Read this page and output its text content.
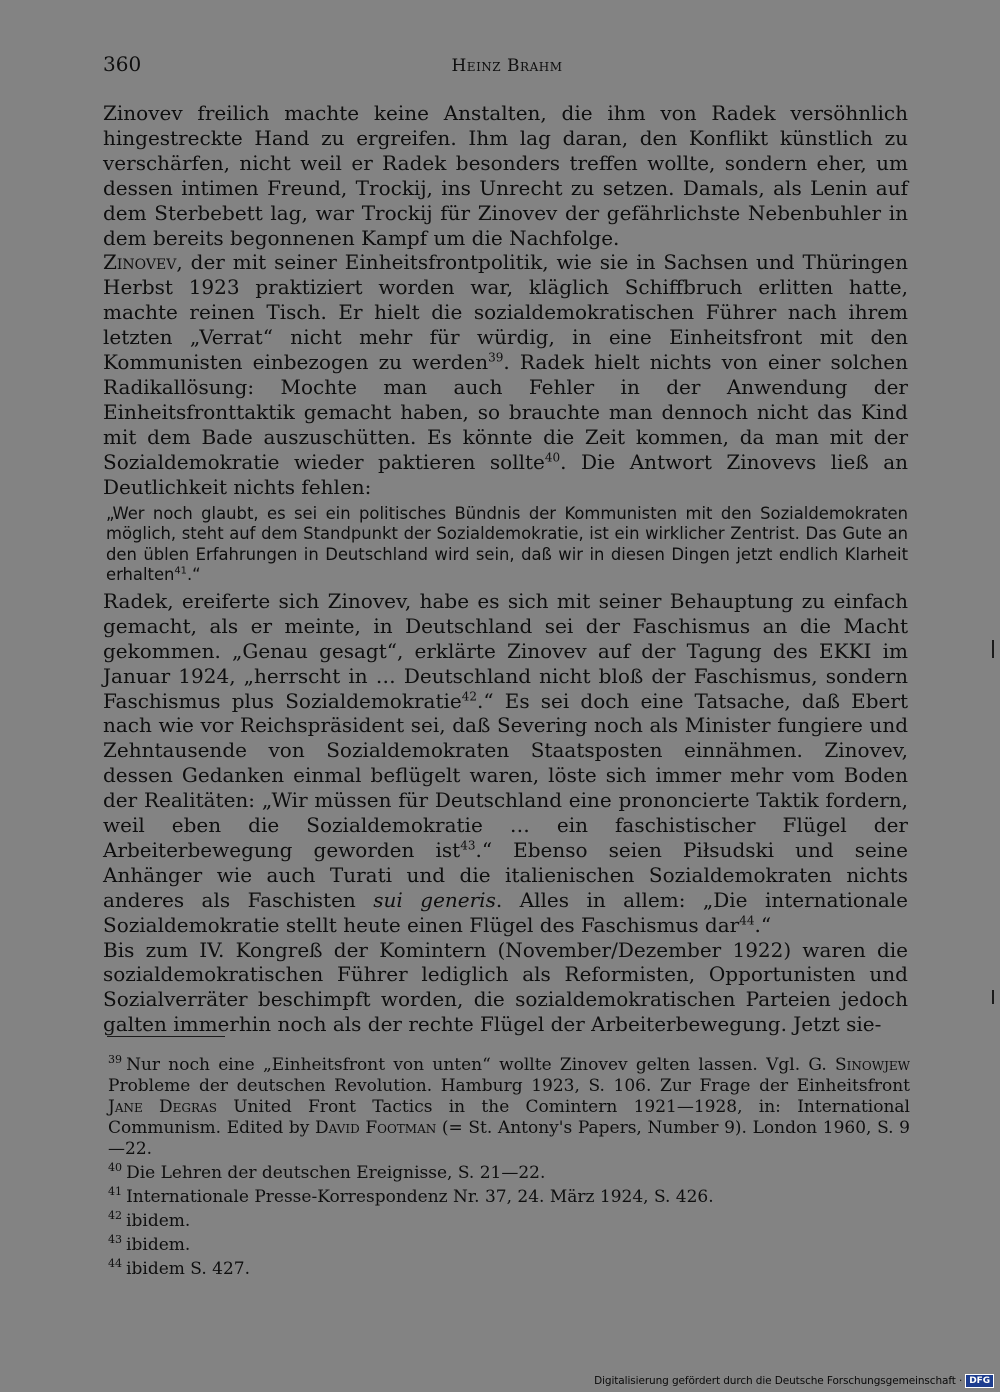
360	Heinz Brahm

Zinovev freilich machte keine Anstalten, die ihm von Radek versöhnlich hingestreckte Hand zu ergreifen. Ihm lag daran, den Konflikt künstlich zu verschärfen, nicht weil er Radek besonders treffen wollte, sondern eher, um dessen intimen Freund, Trockij, ins Unrecht zu setzen. Damals, als Lenin auf dem Sterbebett lag, war Trockij für Zinovev der gefährlichste Nebenbuhler in dem bereits begonnenen Kampf um die Nachfolge.

Zinovev, der mit seiner Einheitsfrontpolitik, wie sie in Sachsen und Thüringen Herbst 1923 praktiziert worden war, kläglich Schiffbruch erlitten hatte, machte reinen Tisch. Er hielt die sozialdemokratischen Führer nach ihrem letzten „Verrat“ nicht mehr für würdig, in eine Einheitsfront mit den Kommunisten einbezogen zu werden$^{39}$. Radek hielt nichts von einer solchen Radikallösung: Mochte man auch Fehler in der Anwendung der Einheitsfronttaktik gemacht haben, so brauchte man dennoch nicht das Kind mit dem Bade auszuschütten. Es könnte die Zeit kommen, da man mit der Sozialdemokratie wieder paktieren sollte$^{40}$. Die Antwort Zinovevs ließ an Deutlichkeit nichts fehlen:

„Wer noch glaubt, es sei ein politisches Bündnis der Kommunisten mit den Sozialdemokraten möglich, steht auf dem Standpunkt der Sozialdemokratie, ist ein wirklicher Zentrist. Das Gute an den üblen Erfahrungen in Deutschland wird sein, daß wir in diesen Dingen jetzt endlich Klarheit erhalten$^{41}$.“

Radek, ereiferte sich Zinovev, habe es sich mit seiner Behauptung zu einfach gemacht, als er meinte, in Deutschland sei der Faschismus an die Macht gekommen. „Genau gesagt“, erklärte Zinovev auf der Tagung des EKKI im Januar 1924, „herrscht in … Deutschland nicht bloß der Faschismus, sondern Faschismus plus Sozialdemokratie$^{42}$.“ Es sei doch eine Tatsache, daß Ebert nach wie vor Reichspräsident sei, daß Severing noch als Minister fungiere und Zehntausende von Sozialdemokraten Staatsposten einnähmen. Zinovev, dessen Gedanken einmal beflügelt waren, löste sich immer mehr vom Boden der Realitäten: „Wir müssen für Deutschland eine prononcierte Taktik fordern, weil eben die Sozialdemokratie … ein faschistischer Flügel der Arbeiterbewegung geworden ist$^{43}$.“ Ebenso seien Piłsudski und seine Anhänger wie auch Turati und die italienischen Sozialdemokraten nichts anderes als Faschisten sui generis. Alles in allem: „Die internationale Sozialdemokratie stellt heute einen Flügel des Faschismus dar$^{44}$.“

Bis zum IV. Kongreß der Komintern (November/Dezember 1922) waren die sozialdemokratischen Führer lediglich als Reformisten, Opportunisten und Sozialverräter beschimpft worden, die sozialdemokratischen Parteien jedoch galten immerhin noch als der rechte Flügel der Arbeiterbewegung. Jetzt sie-

$^{39}$ Nur noch eine „Einheitsfront von unten“ wollte Zinovev gelten lassen. Vgl. G. Sinowjew Probleme der deutschen Revolution. Hamburg 1923, S. 106. Zur Frage der Einheitsfront Jane Degras United Front Tactics in the Comintern 1921—1928, in: International Communism. Edited by David Footman (= St. Antony's Papers, Number 9). London 1960, S. 9—22.
$^{40}$ Die Lehren der deutschen Ereignisse, S. 21—22.
$^{41}$ Internationale Presse-Korrespondenz Nr. 37, 24. März 1924, S. 426.
$^{42}$ ibidem.
$^{43}$ ibidem.
$^{44}$ ibidem S. 427.
Digitalisierung gefördert durch die Deutsche Forschungsgemeinschaft · DFG
